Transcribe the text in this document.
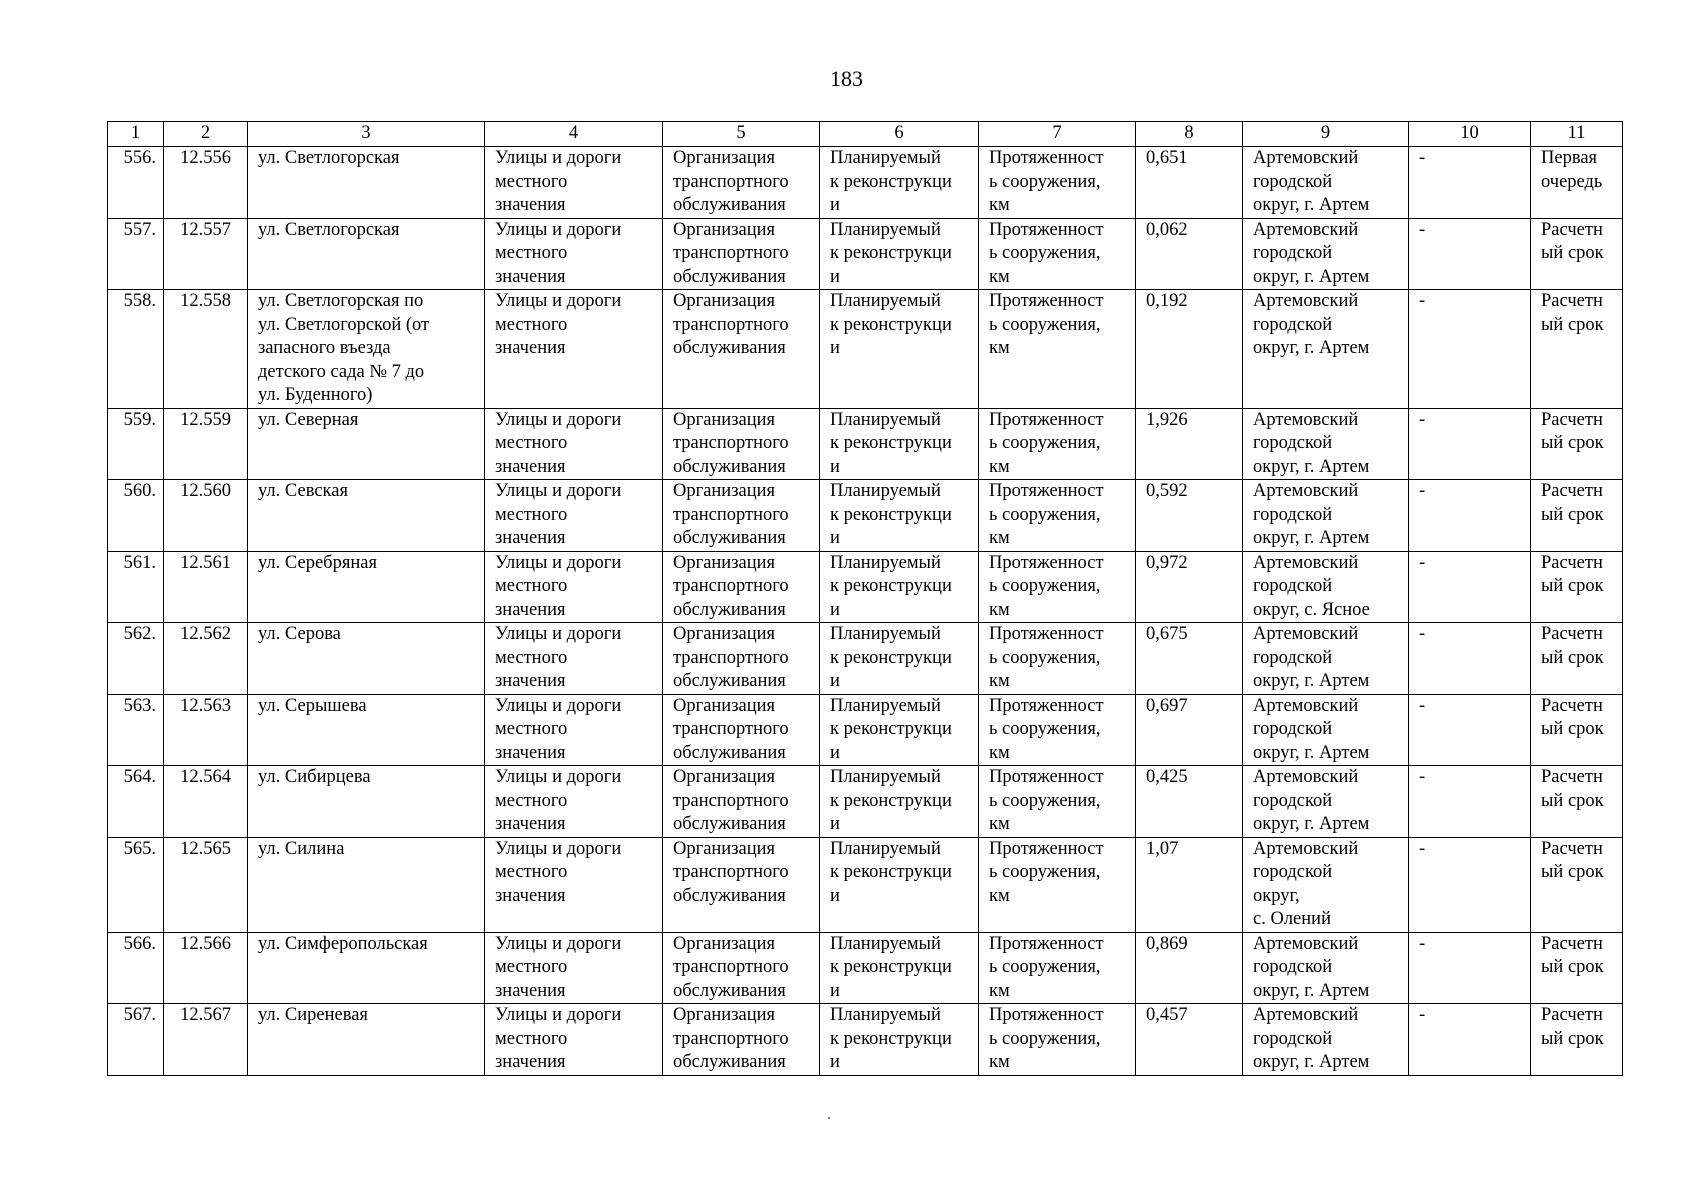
183
1	2	3	4	5	6	7	8	9	10	11
556.	12.556	ул. Светлогорская	Улицы и дороги
местного
значения	Организация
транспортного
обслуживания	Планируемый
к реконструкци
и	Протяженност
ь сооружения,
км	0,651	Артемовский
городской
округ, г. Артем	-	Первая
очередь

557.	12.557	ул. Светлогорская	Улицы и дороги
местного
значения	Организация
транспортного
обслуживания	Планируемый
к реконструкци
и	Протяженност
ь сооружения,
км	0,062	Артемовский
городской
округ, г. Артем	-	Расчетн
ый срок

558.	12.558	ул. Светлогорская по
ул. Светлогорской (от
запасного въезда
детского сада № 7 до
ул. Буденного)	Улицы и дороги
местного
значения	Организация
транспортного
обслуживания	Планируемый
к реконструкци
и	Протяженност
ь сооружения,
км	0,192	Артемовский
городской
округ, г. Артем	-	Расчетн
ый срок

559.	12.559	ул. Северная	Улицы и дороги
местного
значения	Организация
транспортного
обслуживания	Планируемый
к реконструкци
и	Протяженност
ь сооружения,
км	1,926	Артемовский
городской
округ, г. Артем	-	Расчетн
ый срок

560.	12.560	ул. Севская	Улицы и дороги
местного
значения	Организация
транспортного
обслуживания	Планируемый
к реконструкци
и	Протяженност
ь сооружения,
км	0,592	Артемовский
городской
округ, г. Артем	-	Расчетн
ый срок

561.	12.561	ул. Серебряная	Улицы и дороги
местного
значения	Организация
транспортного
обслуживания	Планируемый
к реконструкци
и	Протяженност
ь сооружения,
км	0,972	Артемовский
городской
округ, с. Ясное	-	Расчетн
ый срок

562.	12.562	ул. Серова	Улицы и дороги
местного
значения	Организация
транспортного
обслуживания	Планируемый
к реконструкци
и	Протяженност
ь сооружения,
км	0,675	Артемовский
городской
округ, г. Артем	-	Расчетн
ый срок

563.	12.563	ул. Серышева	Улицы и дороги
местного
значения	Организация
транспортного
обслуживания	Планируемый
к реконструкци
и	Протяженност
ь сооружения,
км	0,697	Артемовский
городской
округ, г. Артем	-	Расчетн
ый срок

564.	12.564	ул. Сибирцева	Улицы и дороги
местного
значения	Организация
транспортного
обслуживания	Планируемый
к реконструкци
и	Протяженност
ь сооружения,
км	0,425	Артемовский
городской
округ, г. Артем	-	Расчетн
ый срок

565.	12.565	ул. Силина	Улицы и дороги
местного
значения	Организация
транспортного
обслуживания	Планируемый
к реконструкци
и	Протяженност
ь сооружения,
км	1,07	Артемовский
городской
округ,
с. Олений	-	Расчетн
ый срок

566.	12.566	ул. Симферопольская	Улицы и дороги
местного
значения	Организация
транспортного
обслуживания	Планируемый
к реконструкци
и	Протяженност
ь сооружения,
км	0,869	Артемовский
городской
округ, г. Артем	-	Расчетн
ый срок

567.	12.567	ул. Сиреневая	Улицы и дороги
местного
значения	Организация
транспортного
обслуживания	Планируемый
к реконструкци
и	Протяженност
ь сооружения,
км	0,457	Артемовский
городской
округ, г. Артем	-	Расчетн
ый срок
